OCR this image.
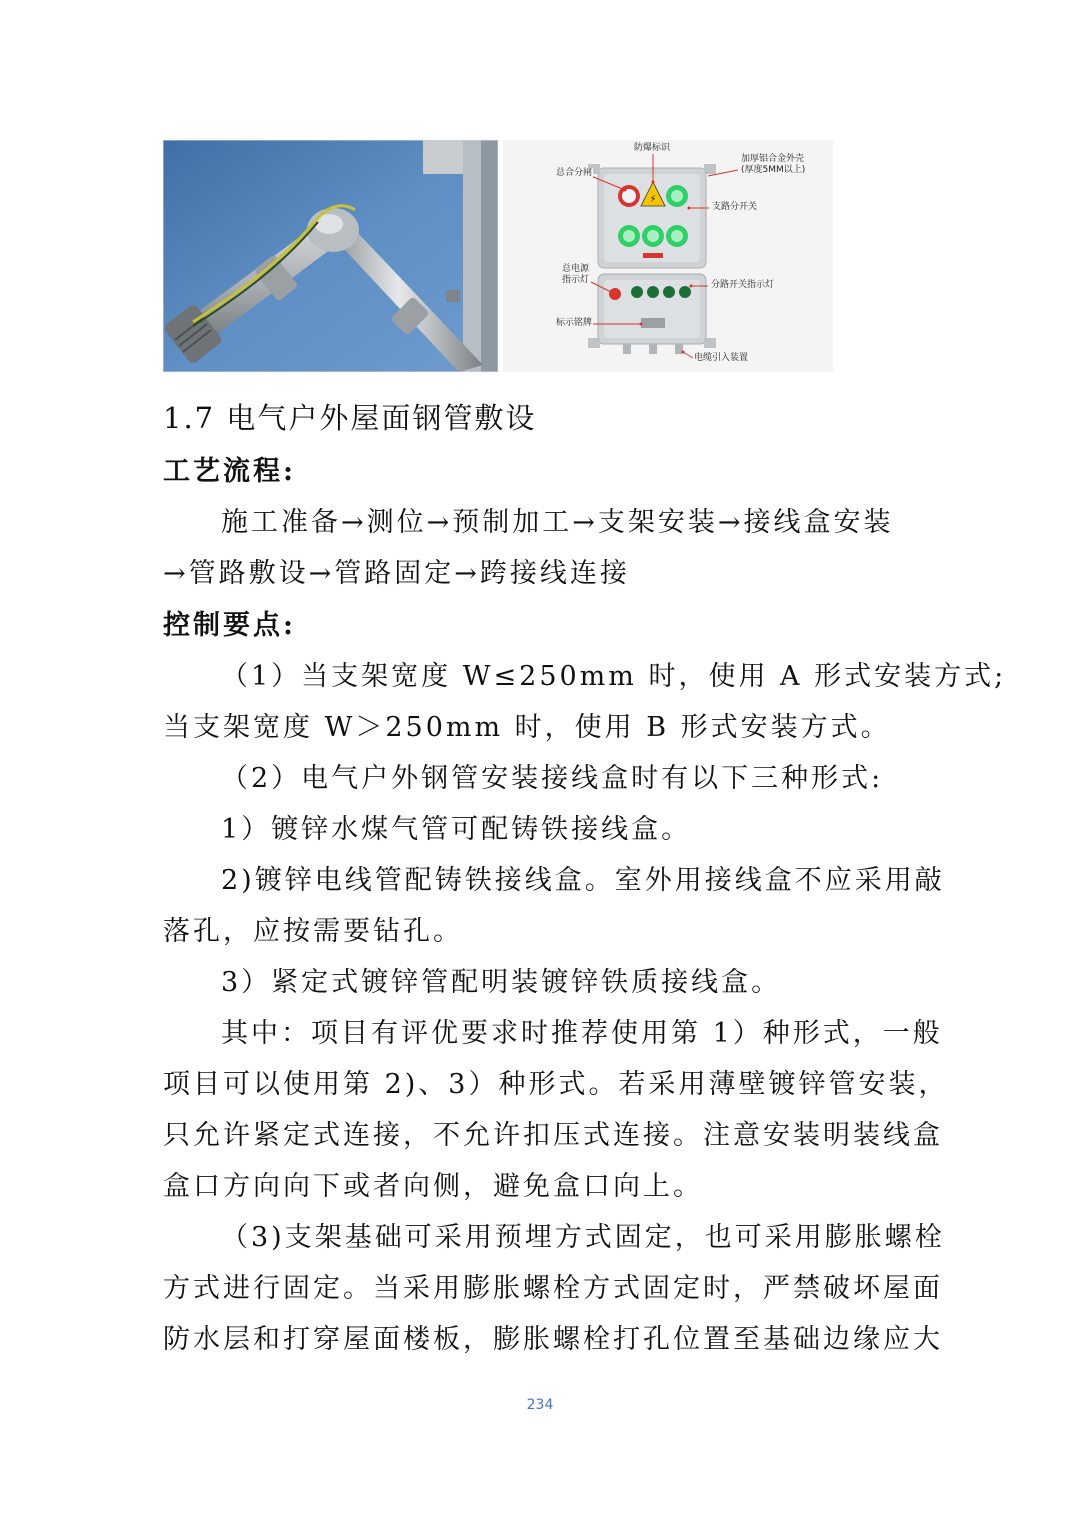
⚡
防爆标识
总合分闸
加厚铝合金外壳
(厚度5MM以上)
支路分开关
总电源
指示灯	分路开关指示灯
标示铭牌
电缆引入装置
1.7 电气户外屋面钢管敷设
工艺流程:
施工准备→测位→预制加工→支架安装→接线盒安装
→管路敷设→管路固定→跨接线连接
控制要点:
（1）当支架宽度 W≤250mm 时，使用 A 形式安装方式;
当支架宽度 W＞250mm 时，使用 B 形式安装方式。
（2）电气户外钢管安装接线盒时有以下三种形式:
1）镀锌水煤气管可配铸铁接线盒。
2)镀锌电线管配铸铁接线盒。室外用接线盒不应采用敲
落孔，应按需要钻孔。
3）紧定式镀锌管配明装镀锌铁质接线盒。
其中：项目有评优要求时推荐使用第 1）种形式，一般
项目可以使用第 2)、3）种形式。若采用薄壁镀锌管安装，
只允许紧定式连接，不允许扣压式连接。注意安装明装线盒
盒口方向向下或者向侧，避免盒口向上。
（3)支架基础可采用预埋方式固定，也可采用膨胀螺栓
方式进行固定。当采用膨胀螺栓方式固定时，严禁破坏屋面
防水层和打穿屋面楼板，膨胀螺栓打孔位置至基础边缘应大
234
